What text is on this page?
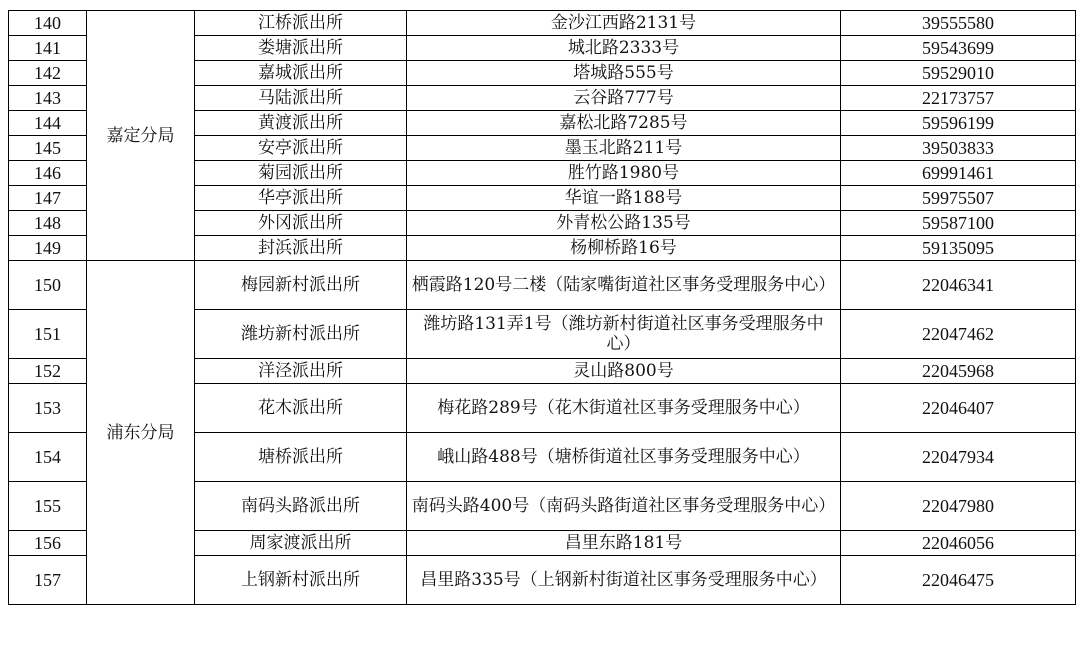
140	嘉定分局	江桥派出所	金沙江西路2131号	39555580
141		娄塘派出所	城北路2333号	59543699
142		嘉城派出所	塔城路555号	59529010
143		马陆派出所	云谷路777号	22173757
144		黄渡派出所	嘉松北路7285号	59596199
145		安亭派出所	墨玉北路211号	39503833
146		菊园派出所	胜竹路1980号	69991461
147		华亭派出所	华谊一路188号	59975507
148		外冈派出所	外青松公路135号	59587100
149		封浜派出所	杨柳桥路16号	59135095
150	浦东分局	梅园新村派出所	栖霞路120号二楼（陆家嘴街道社区事务受理服务中心）	22046341
151		潍坊新村派出所	潍坊路131弄1号（潍坊新村街道社区事务受理服务中心）	22047462
152		洋泾派出所	灵山路800号	22045968
153		花木派出所	梅花路289号（花木街道社区事务受理服务中心）	22046407
154		塘桥派出所	峨山路488号（塘桥街道社区事务受理服务中心）	22047934
155		南码头路派出所	南码头路400号（南码头路街道社区事务受理服务中心）	22047980
156		周家渡派出所	昌里东路181号	22046056
157		上钢新村派出所	昌里路335号（上钢新村街道社区事务受理服务中心）	22046475
